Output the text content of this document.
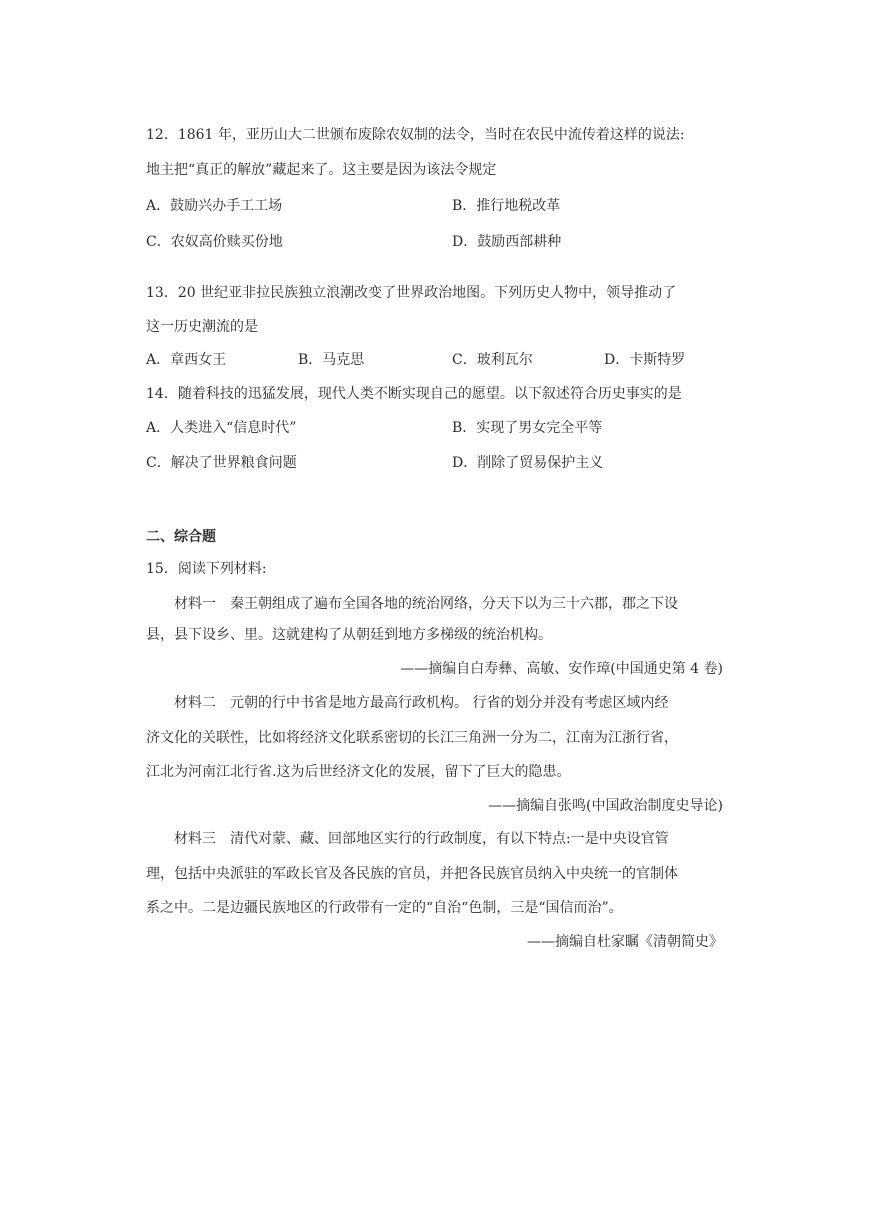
12．1861 年，亚历山大二世颁布废除农奴制的法令，当时在农民中流传着这样的说法:
地主把“真正的解放”藏起来了。这主要是因为该法令规定
A．鼓励兴办手工工场	B．推行地税改革
C．农奴高价赎买份地	D．鼓励西部耕种
13．20 世纪亚非拉民族独立浪潮改变了世界政治地图。下列历史人物中，领导推动了
这一历史潮流的是
A．章西女王	B．马克思	C．玻利瓦尔	D．卡斯特罗
14．随着科技的迅猛发展，现代人类不断实现自己的愿望。以下叙述符合历史事实的是
A．人类进入“信息时代”	B．实现了男女完全平等
C．解决了世界粮食问题	D．削除了贸易保护主义
二、综合题
15．阅读下列材料:
材料一　秦王朝组成了遍布全国各地的统治网络，分天下以为三十六郡，郡之下设
县，县下设乡、里。这就建构了从朝廷到地方多梯级的统治机构。
——摘编自白寿彝、高敏、安作璋(中国通史第 4 卷)
材料二　元朝的行中书省是地方最高行政机构。 行省的划分并没有考虑区域内经
济文化的关联性，比如将经济文化联系密切的长江三角洲一分为二，江南为江浙行省，
江北为河南江北行省.这为后世经济文化的发展，留下了巨大的隐患。
——摘编自张鸣(中国政治制度史导论)
材料三　清代对蒙、藏、回部地区实行的行政制度，有以下特点:一是中央设官管
理，包括中央派驻的军政长官及各民族的官员，并把各民族官员纳入中央统一的官制体
系之中。二是边疆民族地区的行政带有一定的“自治“色制，三是“国信而治”。
——摘编自杜家瞩《清朝简史》
